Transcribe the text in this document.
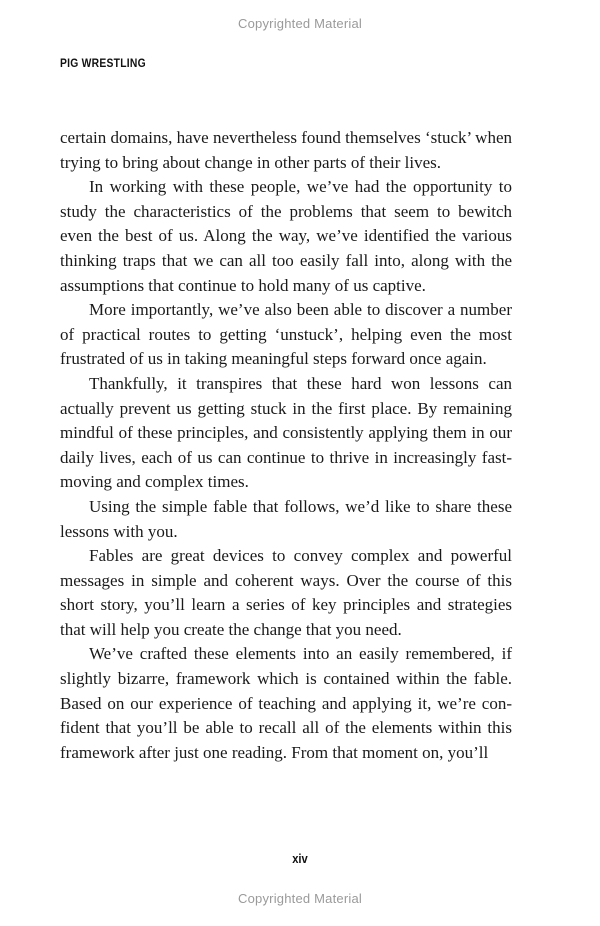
Copyrighted Material
PIG WRESTLING

certain domains, have nevertheless found themselves ‘stuck’ when trying to bring about change in other parts of their lives.

In working with these people, we’ve had the opportunity to study the characteristics of the problems that seem to bewitch even the best of us. Along the way, we’ve identified the various thinking traps that we can all too easily fall into, along with the assumptions that continue to hold many of us captive.

More importantly, we’ve also been able to discover a number of practical routes to getting ‘unstuck’, helping even the most frustrated of us in taking meaningful steps forward once again.

Thankfully, it transpires that these hard won lessons can actually prevent us getting stuck in the first place. By remaining mindful of these principles, and consistently applying them in our daily lives, each of us can continue to thrive in increasingly fast-moving and complex times.

Using the simple fable that follows, we’d like to share these lessons with you.

Fables are great devices to convey complex and powerful messages in simple and coherent ways. Over the course of this short story, you’ll learn a series of key principles and strategies that will help you create the change that you need.

We’ve crafted these elements into an easily remembered, if slightly bizarre, framework which is contained within the fable. Based on our experience of teaching and applying it, we’re confident that you’ll be able to recall all of the elements within this framework after just one reading. From that moment on, you’ll

xiv
Copyrighted Material
